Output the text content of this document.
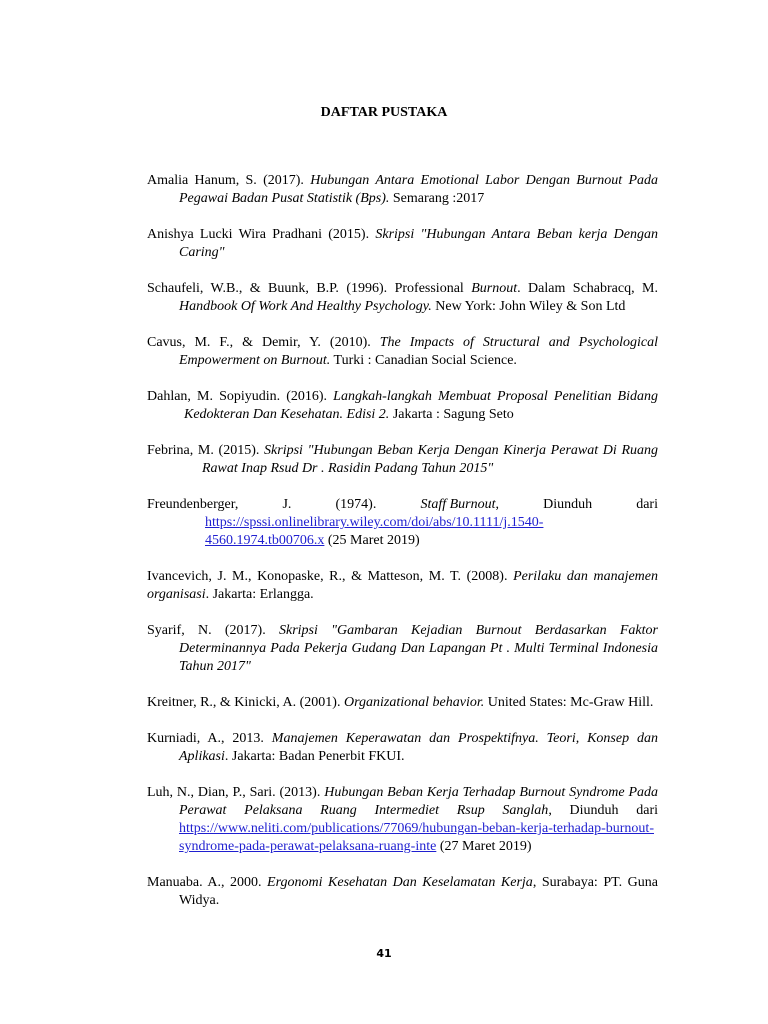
DAFTAR PUSTAKA

Amalia Hanum, S. (2017). Hubungan Antara Emotional Labor Dengan Burnout Pada Pegawai Badan Pusat Statistik (Bps). Semarang :2017

Anishya Lucki Wira Pradhani (2015). Skripsi "Hubungan Antara Beban kerja Dengan Caring"

Schaufeli, W.B., & Buunk, B.P. (1996). Professional Burnout. Dalam Schabracq, M. Handbook Of Work And Healthy Psychology. New York: John Wiley & Son Ltd

Cavus, M. F., & Demir, Y. (2010). The Impacts of Structural and Psychological Empowerment on Burnout. Turki : Canadian Social Science.

Dahlan, M. Sopiyudin. (2016). Langkah-langkah Membuat Proposal Penelitian Bidang Kedokteran Dan Kesehatan. Edisi 2. Jakarta : Sagung Seto

Febrina, M. (2015). Skripsi "Hubungan Beban Kerja Dengan Kinerja Perawat Di Ruang Rawat Inap Rsud Dr . Rasidin Padang Tahun 2015"

Freundenberger,	J.	(1974).	Staff Burnout,	Diunduh	dari
https://spssi.onlinelibrary.wiley.com/doi/abs/10.1111/j.1540-4560.1974.tb00706.x (25 Maret 2019)

Ivancevich, J. M., Konopaske, R., & Matteson, M. T. (2008). Perilaku dan manajemen organisasi. Jakarta: Erlangga.

Syarif, N. (2017). Skripsi "Gambaran Kejadian Burnout Berdasarkan Faktor Determinannya Pada Pekerja Gudang Dan Lapangan Pt . Multi Terminal Indonesia Tahun 2017"

Kreitner, R., & Kinicki, A. (2001). Organizational behavior. United States: Mc-Graw Hill.

Kurniadi, A., 2013. Manajemen Keperawatan dan Prospektifnya. Teori, Konsep dan Aplikasi. Jakarta: Badan Penerbit FKUI.

Luh, N., Dian, P., Sari. (2013). Hubungan Beban Kerja Terhadap Burnout Syndrome Pada Perawat Pelaksana Ruang Intermediet Rsup Sanglah, Diunduh dari https://www.neliti.com/publications/77069/hubungan-beban-kerja-terhadap-burnout-syndrome-pada-perawat-pelaksana-ruang-inte (27 Maret 2019)

Manuaba. A., 2000. Ergonomi Kesehatan Dan Keselamatan Kerja, Surabaya: PT. Guna Widya.

41
